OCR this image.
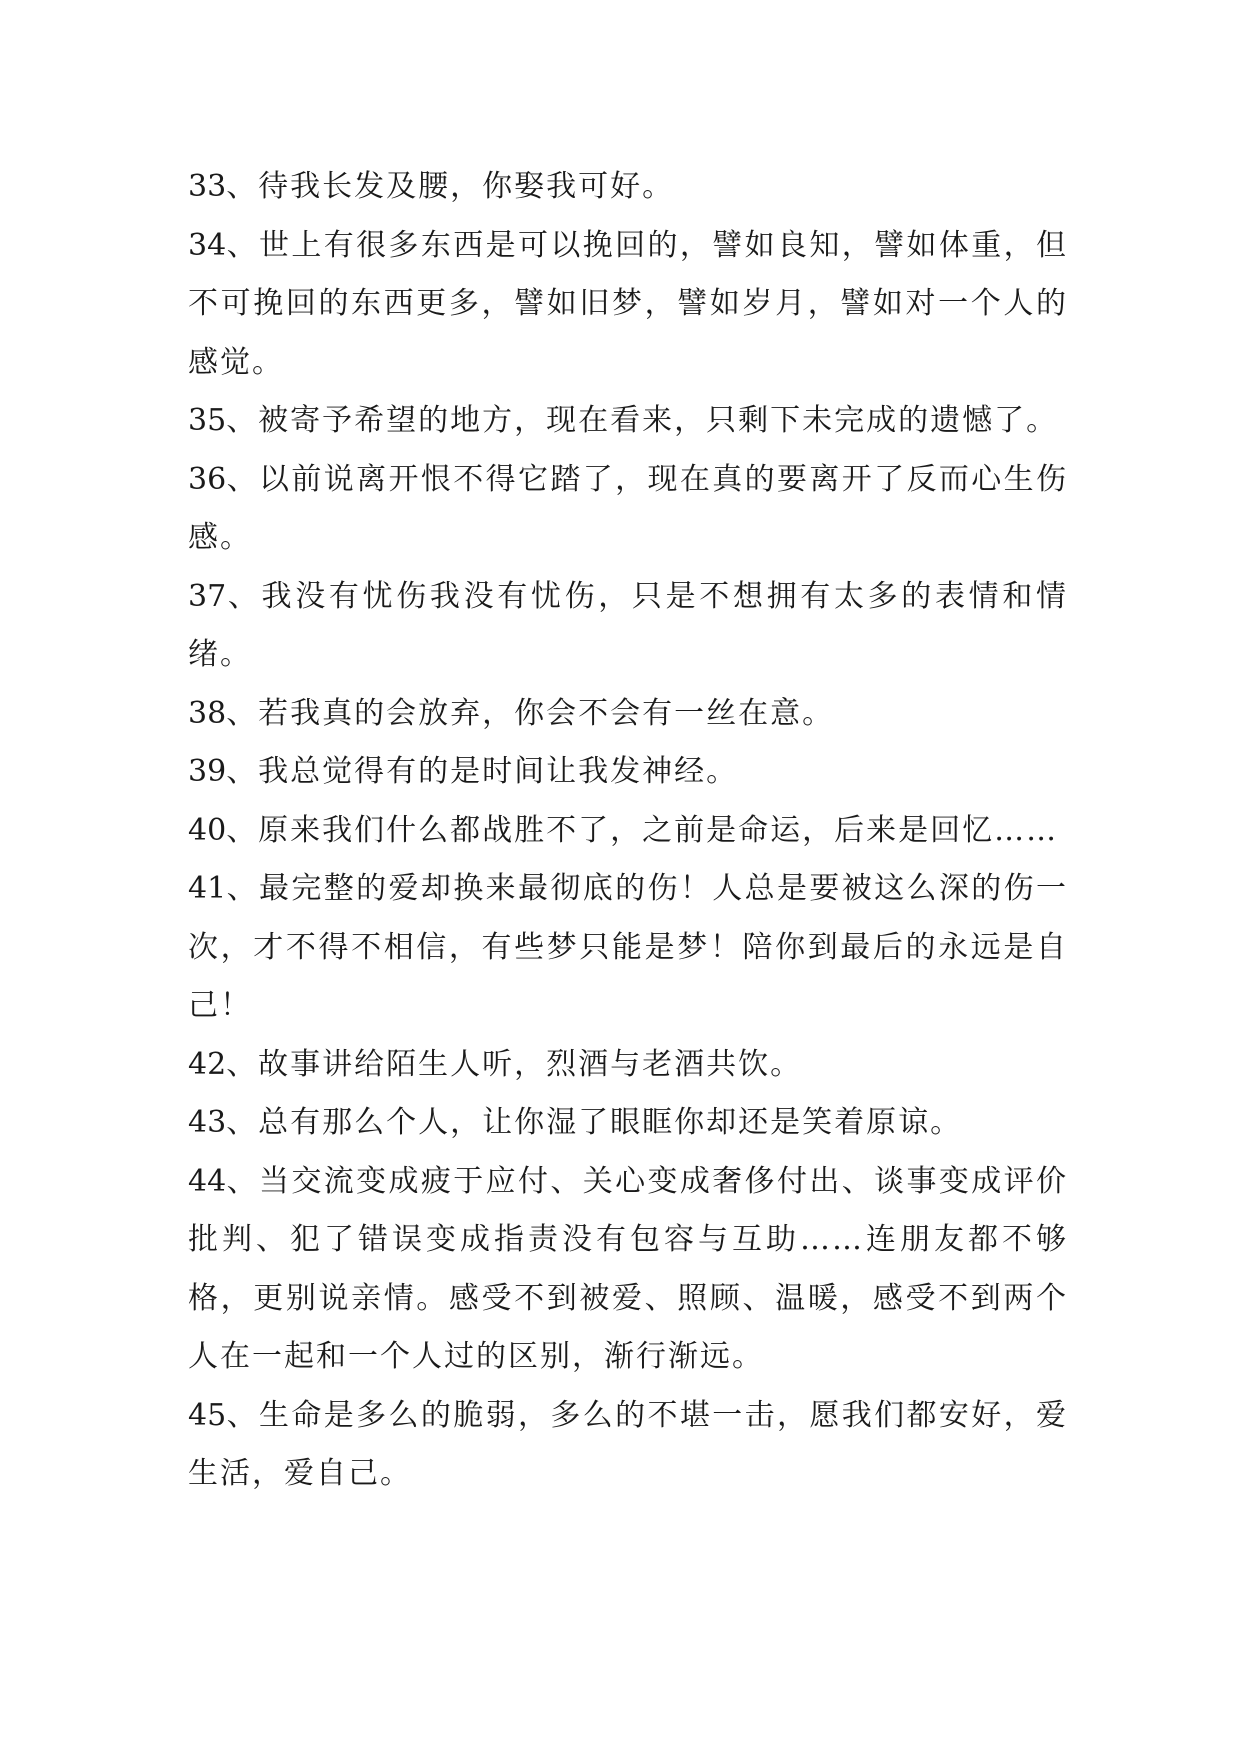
33、待我长发及腰，你娶我可好。

34、世上有很多东西是可以挽回的，譬如良知，譬如体重，但不可挽回的东西更多，譬如旧梦，譬如岁月，譬如对一个人的感觉。

35、被寄予希望的地方，现在看来，只剩下未完成的遗憾了。

36、以前说离开恨不得它踏了，现在真的要离开了反而心生伤感。

37、我没有忧伤我没有忧伤，只是不想拥有太多的表情和情绪。

38、若我真的会放弃，你会不会有一丝在意。

39、我总觉得有的是时间让我发神经。

40、原来我们什么都战胜不了，之前是命运，后来是回忆……

41、最完整的爱却换来最彻底的伤！人总是要被这么深的伤一次，才不得不相信，有些梦只能是梦！陪你到最后的永远是自己！

42、故事讲给陌生人听，烈酒与老酒共饮。

43、总有那么个人，让你湿了眼眶你却还是笑着原谅。

44、当交流变成疲于应付、关心变成奢侈付出、谈事变成评价批判、犯了错误变成指责没有包容与互助……连朋友都不够格，更别说亲情。感受不到被爱、照顾、温暖，感受不到两个人在一起和一个人过的区别，渐行渐远。

45、生命是多么的脆弱，多么的不堪一击，愿我们都安好，爱生活，爱自己。
